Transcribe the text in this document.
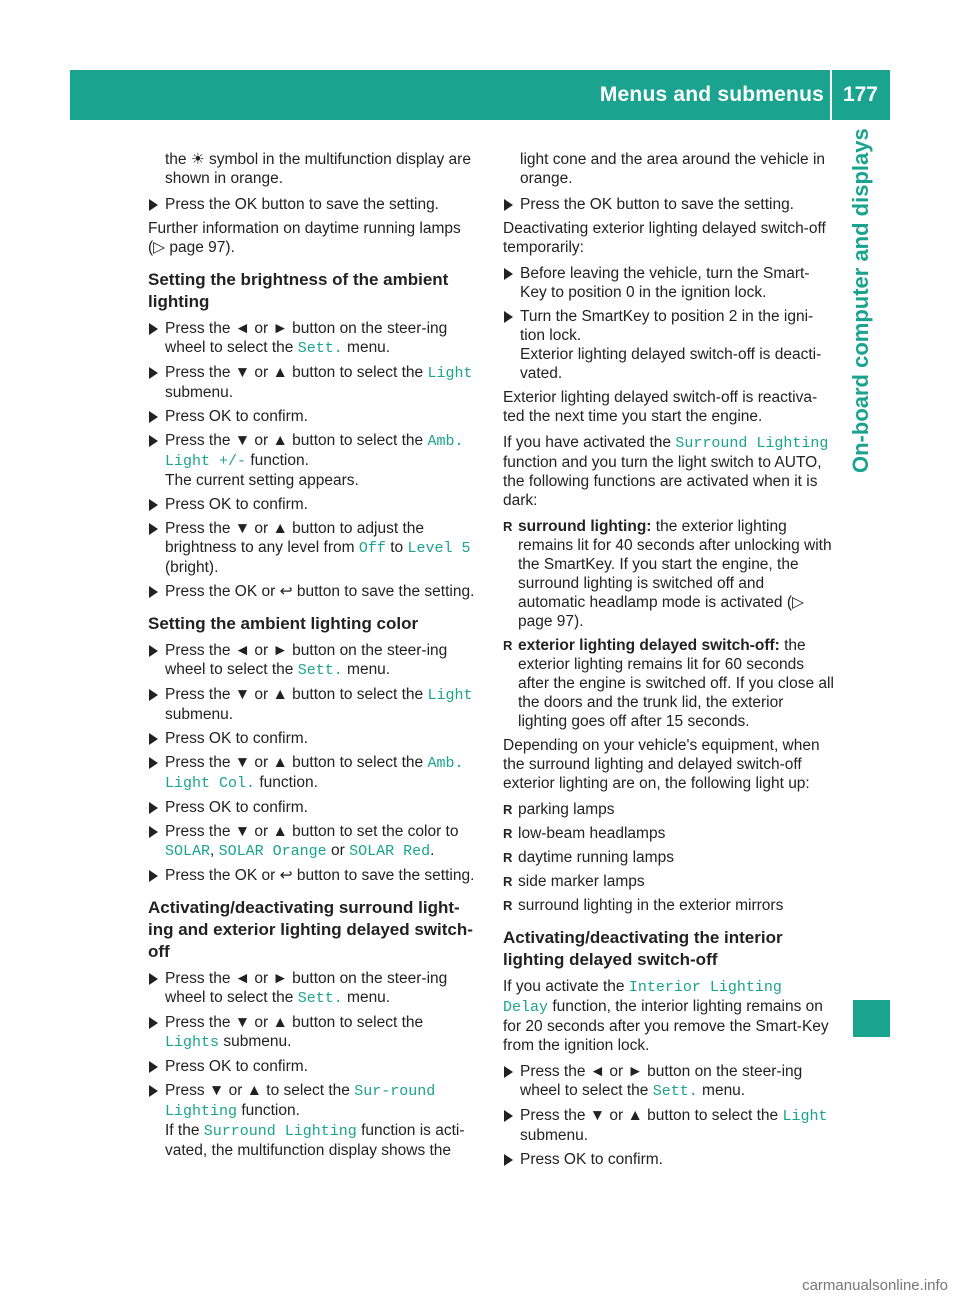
Menus and submenus 177
On-board computer and displays

the ☀ symbol in the multifunction display are shown in orange.

Press the OK button to save the setting.

Further information on daytime running lamps (▷ page 97).

Setting the brightness of the ambient lighting

Press the ◄ or ► button on the steer-ing wheel to select the Sett. menu.

Press the ▼ or ▲ button to select the Light submenu.

Press OK to confirm.

Press the ▼ or ▲ button to select the Amb. Light +/- function.
The current setting appears.

Press OK to confirm.

Press the ▼ or ▲ button to adjust the brightness to any level from Off to Level 5 (bright).

Press the OK or ↩ button to save the setting.

Setting the ambient lighting color

Press the ◄ or ► button on the steer-ing wheel to select the Sett. menu.

Press the ▼ or ▲ button to select the Light submenu.

Press OK to confirm.

Press the ▼ or ▲ button to select the Amb. Light Col. function.

Press OK to confirm.

Press the ▼ or ▲ button to set the color to SOLAR, SOLAR Orange or SOLAR Red.

Press the OK or ↩ button to save the setting.

Activating/deactivating surround light-ing and exterior lighting delayed switch-off

Press the ◄ or ► button on the steer-ing wheel to select the Sett. menu.

Press the ▼ or ▲ button to select the Lights submenu.

Press OK to confirm.

Press ▼ or ▲ to select the Sur-round Lighting function.
If the Surround Lighting function is acti-vated, the multifunction display shows the

light cone and the area around the vehicle in orange.

Press the OK button to save the setting.

Deactivating exterior lighting delayed switch-off temporarily:

Before leaving the vehicle, turn the Smart-Key to position 0 in the ignition lock.

Turn the SmartKey to position 2 in the igni-tion lock.
Exterior lighting delayed switch-off is deacti-vated.

Exterior lighting delayed switch-off is reactiva-ted the next time you start the engine.

If you have activated the Surround Lighting function and you turn the light switch to AUTO, the following functions are activated when it is dark:

R surround lighting: the exterior lighting remains lit for 40 seconds after unlocking with the SmartKey. If you start the engine, the surround lighting is switched off and automatic headlamp mode is activated (▷ page 97).

R exterior lighting delayed switch-off: the exterior lighting remains lit for 60 seconds after the engine is switched off. If you close all the doors and the trunk lid, the exterior lighting goes off after 15 seconds.

Depending on your vehicle's equipment, when the surround lighting and delayed switch-off exterior lighting are on, the following light up:

R parking lamps

R low-beam headlamps

R daytime running lamps

R side marker lamps

R surround lighting in the exterior mirrors

Activating/deactivating the interior lighting delayed switch-off

If you activate the Interior Lighting Delay function, the interior lighting remains on for 20 seconds after you remove the Smart-Key from the ignition lock.

Press the ◄ or ► button on the steer-ing wheel to select the Sett. menu.

Press the ▼ or ▲ button to select the Light submenu.

Press OK to confirm.

carmanualsonline.info
